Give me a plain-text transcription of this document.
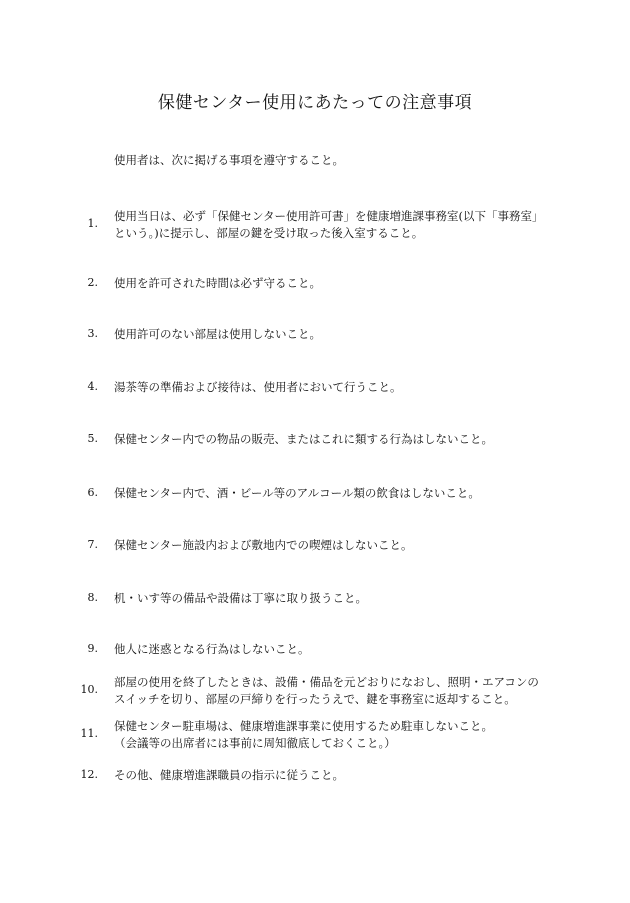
保健センター使用にあたっての注意事項
使用者は、次に掲げる事項を遵守すること。
1.
使用当日は、必ず「保健センター使用許可書」を健康増進課事務室(以下「事務室」
という。)に提示し、部屋の鍵を受け取った後入室すること。
2. 使用を許可された時間は必ず守ること。
3. 使用許可のない部屋は使用しないこと。
4. 湯茶等の準備および接待は、使用者において行うこと。
5. 保健センター内での物品の販売、またはこれに類する行為はしないこと。
6. 保健センター内で、酒・ビール等のアルコール類の飲食はしないこと。
7. 保健センター施設内および敷地内での喫煙はしないこと。
8. 机・いす等の備品や設備は丁寧に取り扱うこと。
9. 他人に迷惑となる行為はしないこと。
10.
部屋の使用を終了したときは、設備・備品を元どおりになおし、照明・エアコンの
スイッチを切り、部屋の戸締りを行ったうえで、鍵を事務室に返却すること。
11.
保健センター駐車場は、健康増進課事業に使用するため駐車しないこと。
（会議等の出席者には事前に周知徹底しておくこと。）
12. その他、健康増進課職員の指示に従うこと。
